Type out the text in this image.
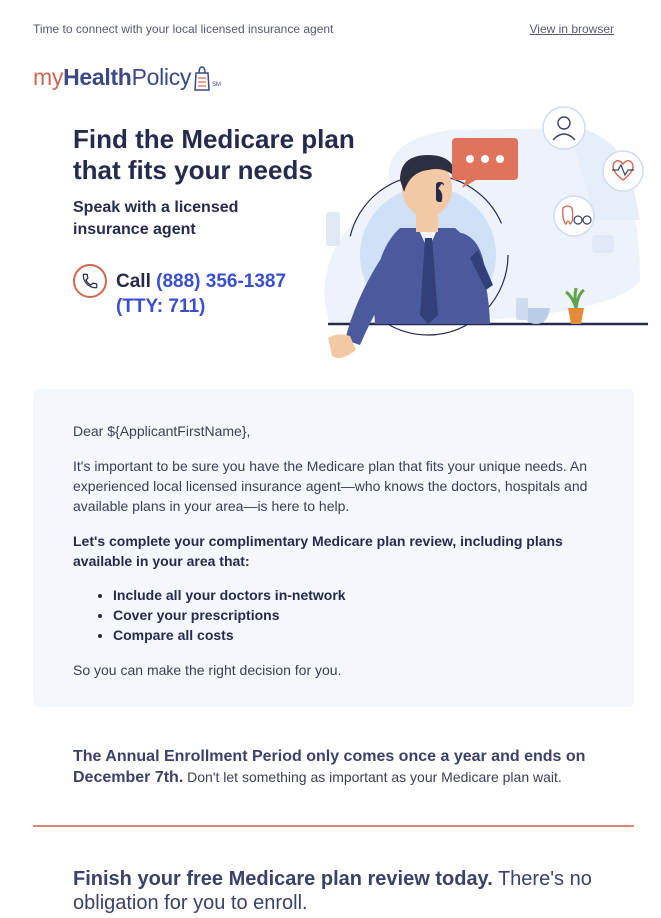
Time to connect with your local licensed insurance agent	View in browser
my Health Policy	SM
Find the Medicare plan that fits your needs
Speak with a licensed insurance agent
Call (888) 356-1387
(TTY: 711)

Dear ${ApplicantFirstName},

It's important to be sure you have the Medicare plan that fits your unique needs. An experienced local licensed insurance agent—who knows the doctors, hospitals and available plans in your area—is here to help.

Let's complete your complimentary Medicare plan review, including plans available in your area that:

• Include all your doctors in-network
• Cover your prescriptions
• Compare all costs

So you can make the right decision for you.

The Annual Enrollment Period only comes once a year and ends on December 7th. Don't let something as important as your Medicare plan wait.
Finish your free Medicare plan review today. There's no obligation for you to enroll.
